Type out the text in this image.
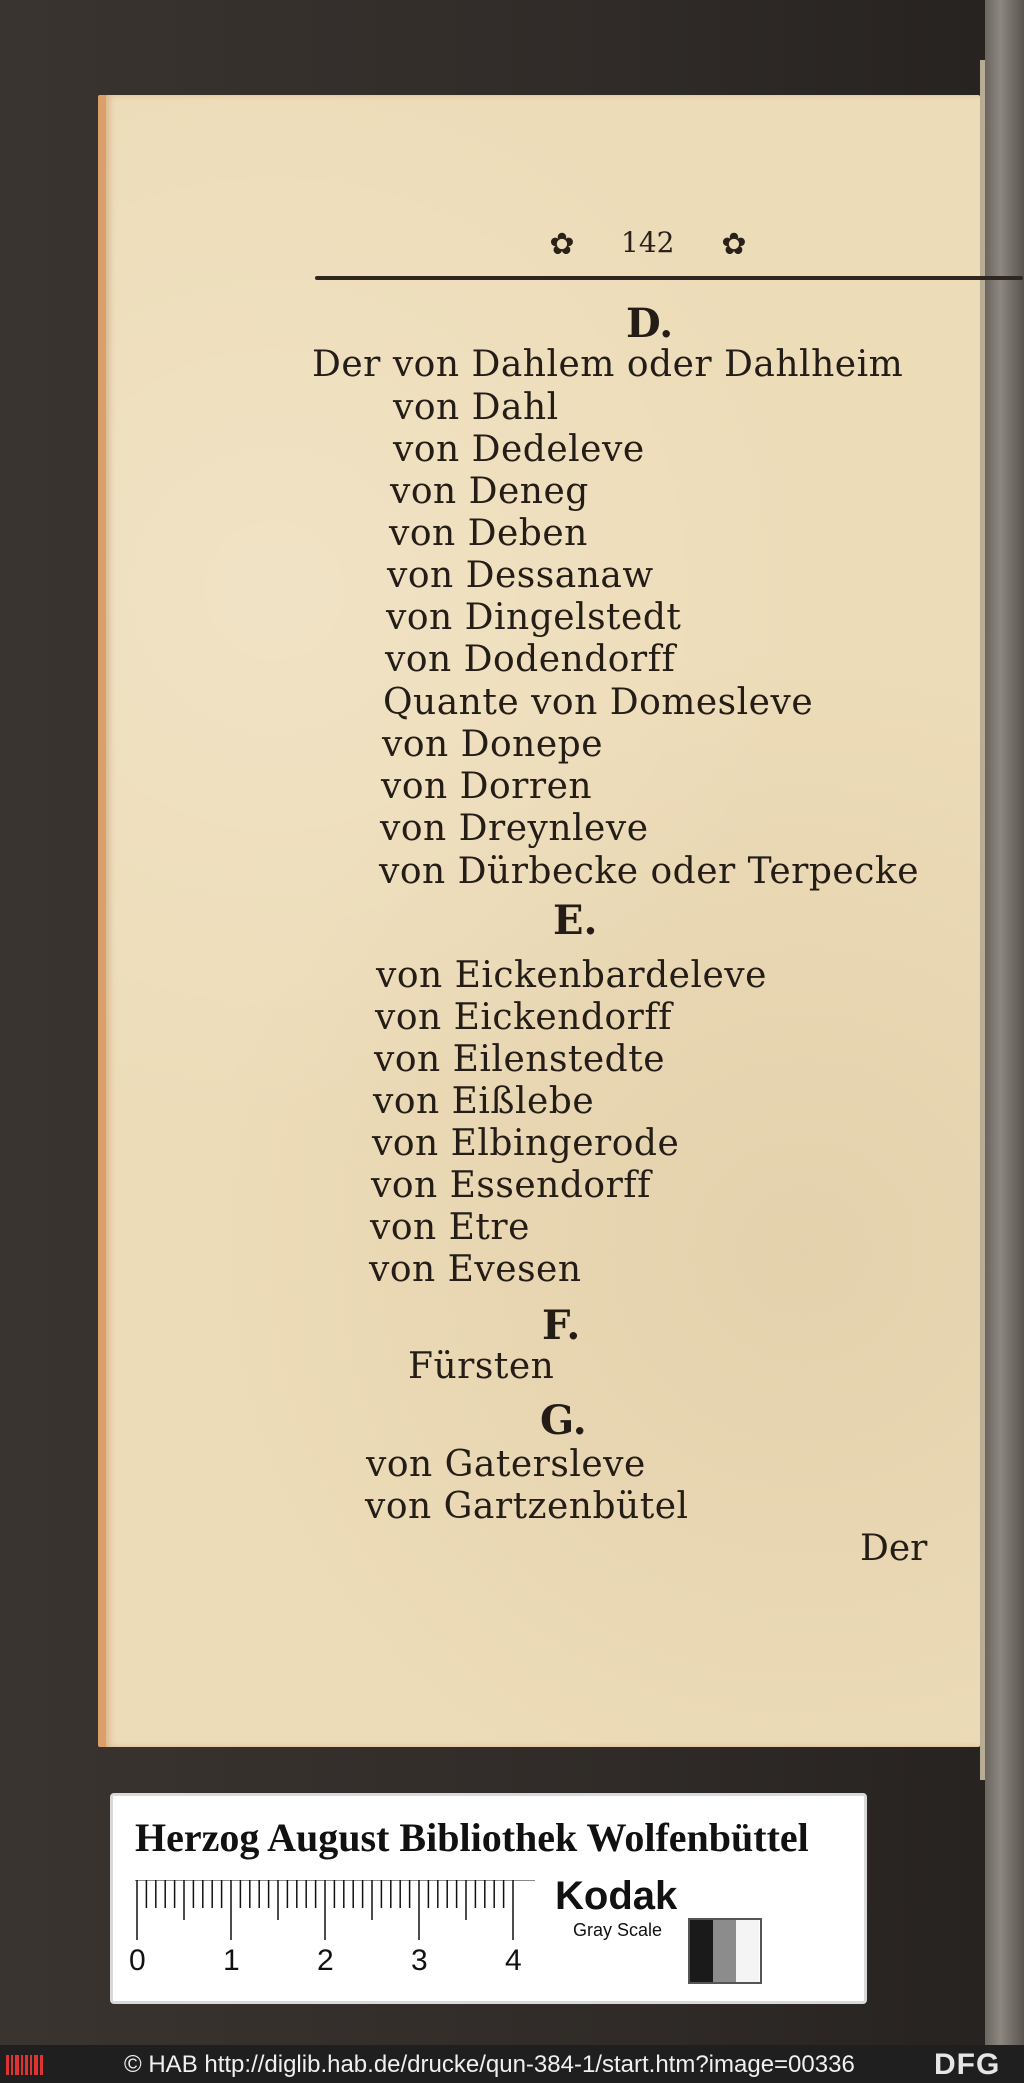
✿ 142 ✿
D.
Der von Dahlem oder Dahlheim
von Dahl
von Dedeleve
von Deneg
von Deben
von Dessanaw
von Dingelstedt
von Dodendorff
Quante von Domesleve
von Donepe
von Dorren
von Dreynleve
von Dürbecke oder Terpecke
E.
von Eickenbardeleve
von Eickendorff
von Eilenstedte
von Eißlebe
von Elbingerode
von Essendorff
von Etre
von Evesen
F.
Fürsten
G.
von Gatersleve
von Gartzenbütel
Der
Herzog August Bibliothek Wolfenbüttel
0	1	2	3	4
Kodak
Gray Scale
© HAB http://diglib.hab.de/drucke/qun-384-1/start.htm?image=00336	DFG
